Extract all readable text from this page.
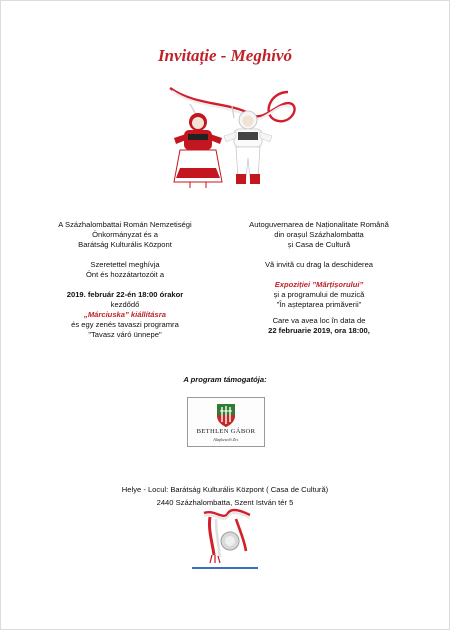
Invitație - Meghívó
A Százhalombattai Román Nemzetiségi
Önkormányzat és a
Barátság Kulturális Központ
Szeretettel meghívja
Önt és hozzátartozóit a
2019. február 22-én 18:00 órakor
kezdődő
„Márciuska” kiállításra
és egy zenés tavaszi programra
"Tavasz váró ünnepe"
Autoguvernarea de Naționalitate Română
din orașul Százhalombatta
și Casa de Cultură
Vă invită cu drag la deschiderea
Expoziției ”Mărțișorului”
și a programului de muzică
”În așteptarea primăverii”
Care va avea loc în data de
22 februarie 2019, ora 18:00,
A program támogatója:
BETHLEN GÁBOR
Alapkezelő Zrt.
Helye - Locul: Barátság Kulturális Központ ( Casa de Cultură)
2440 Százhalombatta, Szent István tér 5
